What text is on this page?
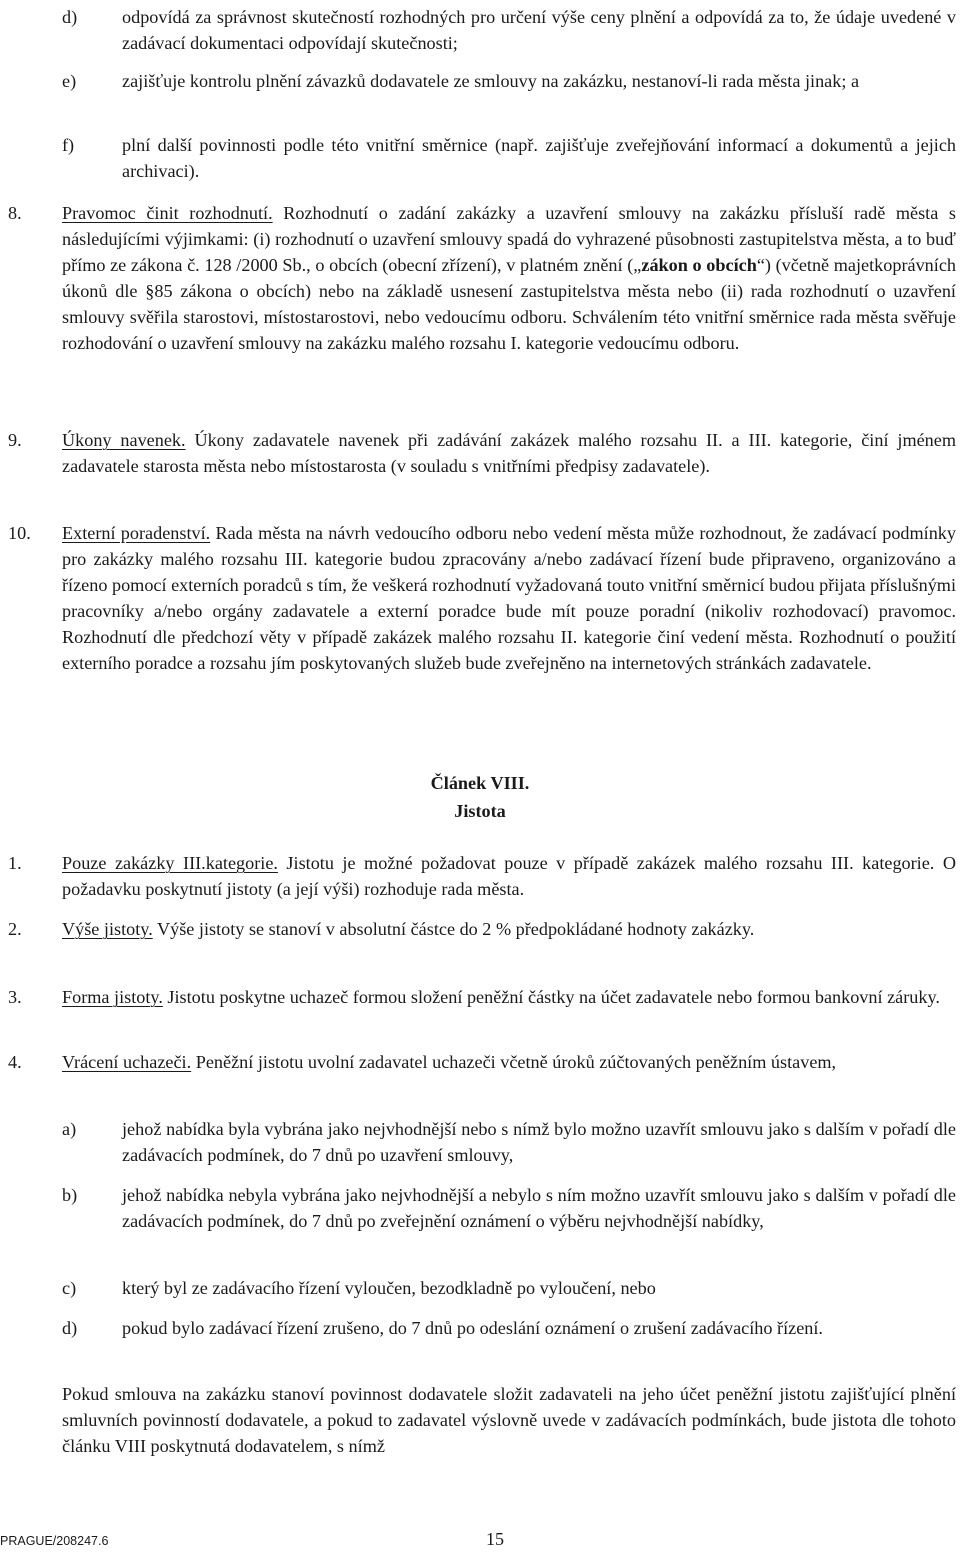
d) odpovídá za správnost skutečností rozhodných pro určení výše ceny plnění a odpovídá za to, že údaje uvedené v zadávací dokumentaci odpovídají skutečnosti;
e)	zajišťuje kontrolu plnění závazků dodavatele ze smlouvy na zakázku, nestanoví-li rada města jinak; a
f)	plní další povinnosti podle této vnitřní směrnice (např. zajišťuje zveřejňování informací a dokumentů a jejich archivaci).
8. Pravomoc činit rozhodnutí. Rozhodnutí o zadání zakázky a uzavření smlouvy na zakázku přísluší radě města s následujícími výjimkami: (i) rozhodnutí o uzavření smlouvy spadá do vyhrazené působnosti zastupitelstva města, a to buď přímo ze zákona č. 128 /2000 Sb., o obcích (obecní zřízení), v platném znění („zákon o obcích“) (včetně majetkoprávních úkonů dle §85 zákona o obcích) nebo na základě usnesení zastupitelstva města nebo (ii) rada rozhodnutí o uzavření smlouvy svěřila starostovi, místostarostovi, nebo vedoucímu odboru. Schválením této vnitřní směrnice rada města svěřuje rozhodování o uzavření smlouvy na zakázku malého rozsahu I. kategorie vedoucímu odboru.
9. Úkony navenek. Úkony zadavatele navenek při zadávání zakázek malého rozsahu II. a III. kategorie, činí jménem zadavatele starosta města nebo místostarosta (v souladu s vnitřními předpisy zadavatele).
10. Externí poradenství. Rada města na návrh vedoucího odboru nebo vedení města může rozhodnout, že zadávací podmínky pro zakázky malého rozsahu III. kategorie budou zpracovány a/nebo zadávací řízení bude připraveno, organizováno a řízeno pomocí externích poradců s tím, že veškerá rozhodnutí vyžadovaná touto vnitřní směrnicí budou přijata příslušnými pracovníky a/nebo orgány zadavatele a externí poradce bude mít pouze poradní (nikoliv rozhodovací) pravomoc. Rozhodnutí dle předchozí věty v případě zakázek malého rozsahu II. kategorie činí vedení města. Rozhodnutí o použití externího poradce a rozsahu jím poskytovaných služeb bude zveřejněno na internetových stránkách zadavatele.
Článek VIII.
Jistota
1. Pouze zakázky III.kategorie. Jistotu je možné požadovat pouze v případě zakázek malého rozsahu III. kategorie. O požadavku poskytnutí jistoty (a její výši) rozhoduje rada města.
2. Výše jistoty. Výše jistoty se stanoví v absolutní částce do 2 % předpokládané hodnoty zakázky.
3. Forma jistoty. Jistotu poskytne uchazeč formou složení peněžní částky na účet zadavatele nebo formou bankovní záruky.
4. Vrácení uchazeči. Peněžní jistotu uvolní zadavatel uchazeči včetně úroků zúčtovaných peněžním ústavem,
a)	jehož nabídka byla vybrána jako nejvhodnější nebo s nímž bylo možno uzavřít smlouvu jako s dalším v pořadí dle zadávacích podmínek, do 7 dnů po uzavření smlouvy,
b) jehož nabídka nebyla vybrána jako nejvhodnější a nebylo s ním možno uzavřít smlouvu jako s dalším v pořadí dle zadávacích podmínek, do 7 dnů po zveřejnění oznámení o výběru nejvhodnější nabídky,
c)	který byl ze zadávacího řízení vyloučen, bezodkladně po vyloučení, nebo
d) pokud bylo zadávací řízení zrušeno, do 7 dnů po odeslání oznámení o zrušení zadávacího řízení.
Pokud smlouva na zakázku stanoví povinnost dodavatele složit zadavateli na jeho účet peněžní jistotu zajišťující plnění smluvních povinností dodavatele, a pokud to zadavatel výslovně uvede v zadávacích podmínkách, bude jistota dle tohoto článku VIII poskytnutá dodavatelem, s nímž
PRAGUE/208247.6	15
